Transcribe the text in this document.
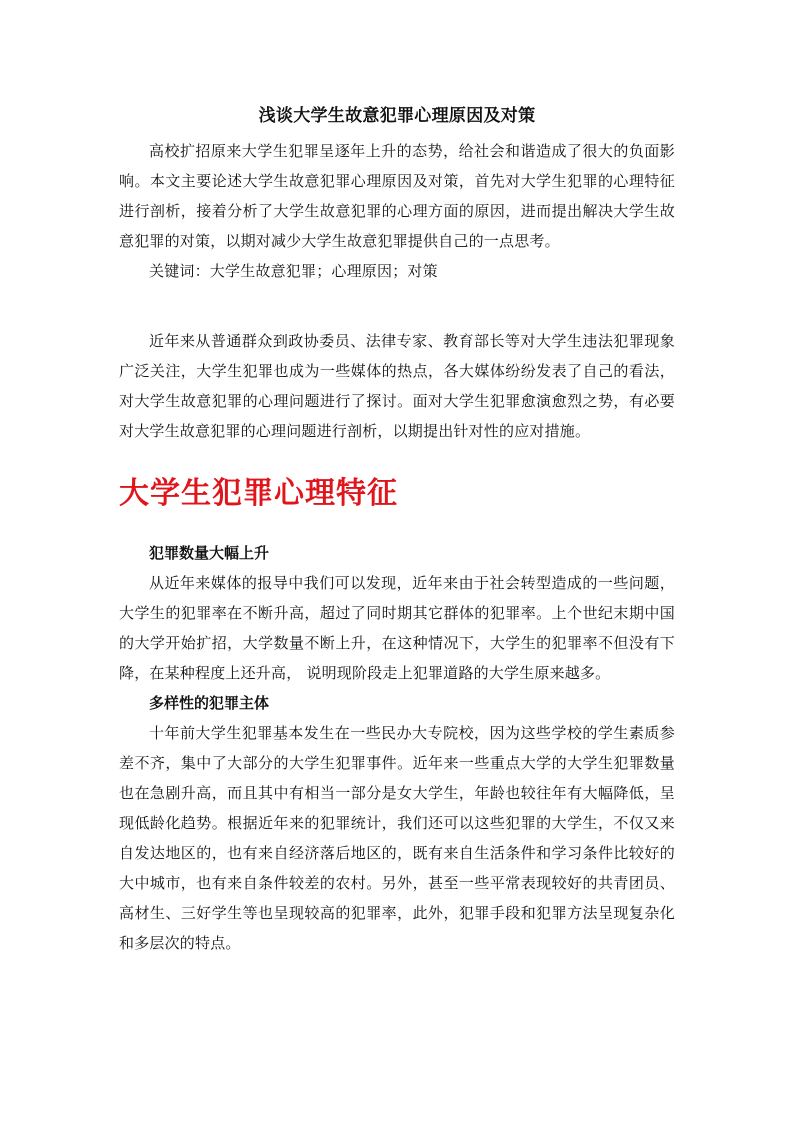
浅谈大学生故意犯罪心理原因及对策

高校扩招原来大学生犯罪呈逐年上升的态势，给社会和谐造成了很大的负面影响。本文主要论述大学生故意犯罪心理原因及对策，首先对大学生犯罪的心理特征进行剖析，接着分析了大学生故意犯罪的心理方面的原因，进而提出解决大学生故意犯罪的对策，以期对减少大学生故意犯罪提供自己的一点思考。

关键词：大学生故意犯罪；心理原因；对策

近年来从普通群众到政协委员、法律专家、教育部长等对大学生违法犯罪现象广泛关注，大学生犯罪也成为一些媒体的热点，各大媒体纷纷发表了自己的看法，对大学生故意犯罪的心理问题进行了探讨。面对大学生犯罪愈演愈烈之势，有必要对大学生故意犯罪的心理问题进行剖析，以期提出针对性的应对措施。

大学生犯罪心理特征
犯罪数量大幅上升

从近年来媒体的报导中我们可以发现，近年来由于社会转型造成的一些问题，大学生的犯罪率在不断升高，超过了同时期其它群体的犯罪率。上个世纪末期中国的大学开始扩招，大学数量不断上升，在这种情况下，大学生的犯罪率不但没有下降，在某种程度上还升高， 说明现阶段走上犯罪道路的大学生原来越多。

多样性的犯罪主体

十年前大学生犯罪基本发生在一些民办大专院校，因为这些学校的学生素质参差不齐，集中了大部分的大学生犯罪事件。近年来一些重点大学的大学生犯罪数量也在急剧升高，而且其中有相当一部分是女大学生，年龄也较往年有大幅降低，呈现低龄化趋势。根据近年来的犯罪统计，我们还可以这些犯罪的大学生，不仅又来自发达地区的，也有来自经济落后地区的，既有来自生活条件和学习条件比较好的大中城市，也有来自条件较差的农村。另外，甚至一些平常表现较好的共青团员、高材生、三好学生等也呈现较高的犯罪率，此外，犯罪手段和犯罪方法呈现复杂化和多层次的特点。
